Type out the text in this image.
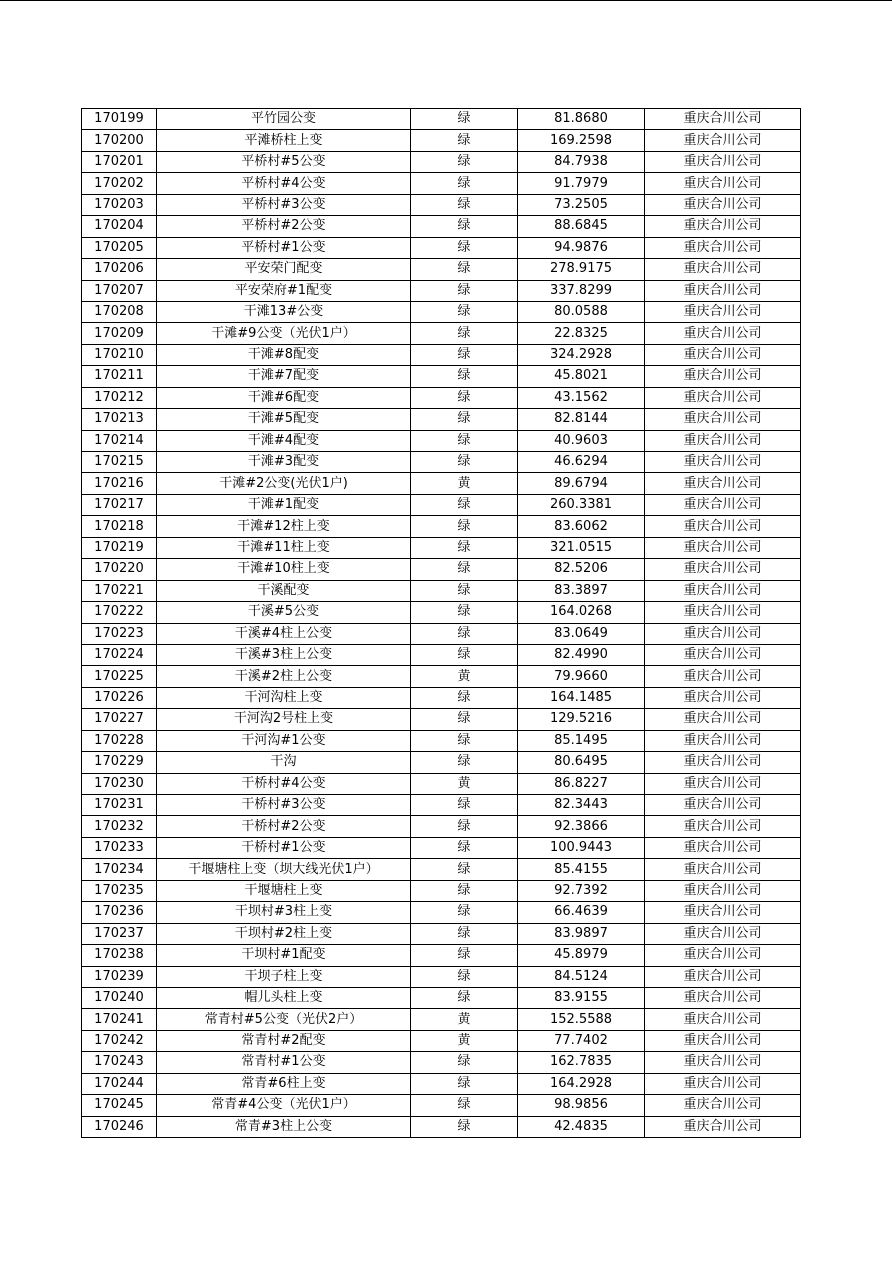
170199	平竹园公变	绿	81.8680	重庆合川公司
170200	平滩桥柱上变	绿	169.2598	重庆合川公司
170201	平桥村#5公变	绿	84.7938	重庆合川公司
170202	平桥村#4公变	绿	91.7979	重庆合川公司
170203	平桥村#3公变	绿	73.2505	重庆合川公司
170204	平桥村#2公变	绿	88.6845	重庆合川公司
170205	平桥村#1公变	绿	94.9876	重庆合川公司
170206	平安荣门配变	绿	278.9175	重庆合川公司
170207	平安荣府#1配变	绿	337.8299	重庆合川公司
170208	干滩13#公变	绿	80.0588	重庆合川公司
170209	干滩#9公变（光伏1户）	绿	22.8325	重庆合川公司
170210	干滩#8配变	绿	324.2928	重庆合川公司
170211	干滩#7配变	绿	45.8021	重庆合川公司
170212	干滩#6配变	绿	43.1562	重庆合川公司
170213	干滩#5配变	绿	82.8144	重庆合川公司
170214	干滩#4配变	绿	40.9603	重庆合川公司
170215	干滩#3配变	绿	46.6294	重庆合川公司
170216	干滩#2公变(光伏1户)	黄	89.6794	重庆合川公司
170217	干滩#1配变	绿	260.3381	重庆合川公司
170218	干滩#12柱上变	绿	83.6062	重庆合川公司
170219	干滩#11柱上变	绿	321.0515	重庆合川公司
170220	干滩#10柱上变	绿	82.5206	重庆合川公司
170221	干溪配变	绿	83.3897	重庆合川公司
170222	干溪#5公变	绿	164.0268	重庆合川公司
170223	干溪#4柱上公变	绿	83.0649	重庆合川公司
170224	干溪#3柱上公变	绿	82.4990	重庆合川公司
170225	干溪#2柱上公变	黄	79.9660	重庆合川公司
170226	干河沟柱上变	绿	164.1485	重庆合川公司
170227	干河沟2号柱上变	绿	129.5216	重庆合川公司
170228	干河沟#1公变	绿	85.1495	重庆合川公司
170229	干沟	绿	80.6495	重庆合川公司
170230	干桥村#4公变	黄	86.8227	重庆合川公司
170231	干桥村#3公变	绿	82.3443	重庆合川公司
170232	干桥村#2公变	绿	92.3866	重庆合川公司
170233	干桥村#1公变	绿	100.9443	重庆合川公司
170234	干堰塘柱上变（坝大线光伏1户）	绿	85.4155	重庆合川公司
170235	干堰塘柱上变	绿	92.7392	重庆合川公司
170236	干坝村#3柱上变	绿	66.4639	重庆合川公司
170237	干坝村#2柱上变	绿	83.9897	重庆合川公司
170238	干坝村#1配变	绿	45.8979	重庆合川公司
170239	干坝子柱上变	绿	84.5124	重庆合川公司
170240	帽儿头柱上变	绿	83.9155	重庆合川公司
170241	常青村#5公变（光伏2户）	黄	152.5588	重庆合川公司
170242	常青村#2配变	黄	77.7402	重庆合川公司
170243	常青村#1公变	绿	162.7835	重庆合川公司
170244	常青#6柱上变	绿	164.2928	重庆合川公司
170245	常青#4公变（光伏1户）	绿	98.9856	重庆合川公司
170246	常青#3柱上公变	绿	42.4835	重庆合川公司
